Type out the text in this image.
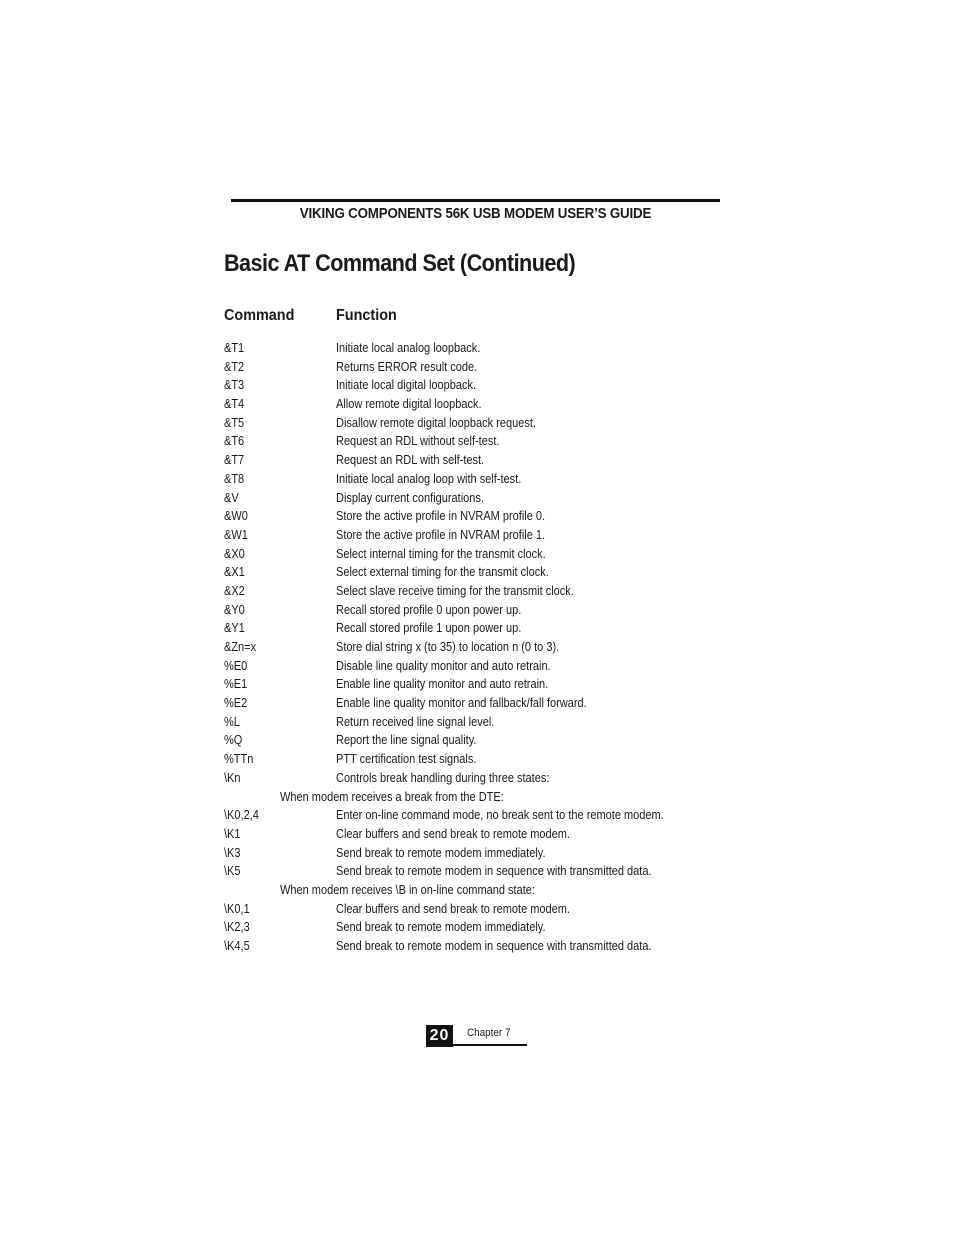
VIKING COMPONENTS 56K USB MODEM USER’S GUIDE
Basic AT Command Set (Continued)
Command	Function
&T1	Initiate local analog loopback.
&T2	Returns ERROR result code.
&T3	Initiate local digital loopback.
&T4	Allow remote digital loopback.
&T5	Disallow remote digital loopback request.
&T6	Request an RDL without self-test.
&T7	Request an RDL with self-test.
&T8	Initiate local analog loop with self-test.
&V	Display current configurations.
&W0	Store the active profile in NVRAM profile 0.
&W1	Store the active profile in NVRAM profile 1.
&X0	Select internal timing for the transmit clock.
&X1	Select external timing for the transmit clock.
&X2	Select slave receive timing for the transmit clock.
&Y0	Recall stored profile 0 upon power up.
&Y1	Recall stored profile 1 upon power up.
&Zn=x	Store dial string x (to 35) to location n (0 to 3).
%E0	Disable line quality monitor and auto retrain.
%E1	Enable line quality monitor and auto retrain.
%E2	Enable line quality monitor and fallback/fall forward.
%L	Return received line signal level.
%Q	Report the line signal quality.
%TTn	PTT certification test signals.
\Kn	Controls break handling during three states:
When modem receives a break from the DTE:
\K0,2,4	Enter on-line command mode, no break sent to the remote modem.
\K1	Clear buffers and send break to remote modem.
\K3	Send break to remote modem immediately.
\K5	Send break to remote modem in sequence with transmitted data.
When modem receives \B in on-line command state:
\K0,1	Clear buffers and send break to remote modem.
\K2,3	Send break to remote modem immediately.
\K4,5	Send break to remote modem in sequence with transmitted data.
20	Chapter 7
